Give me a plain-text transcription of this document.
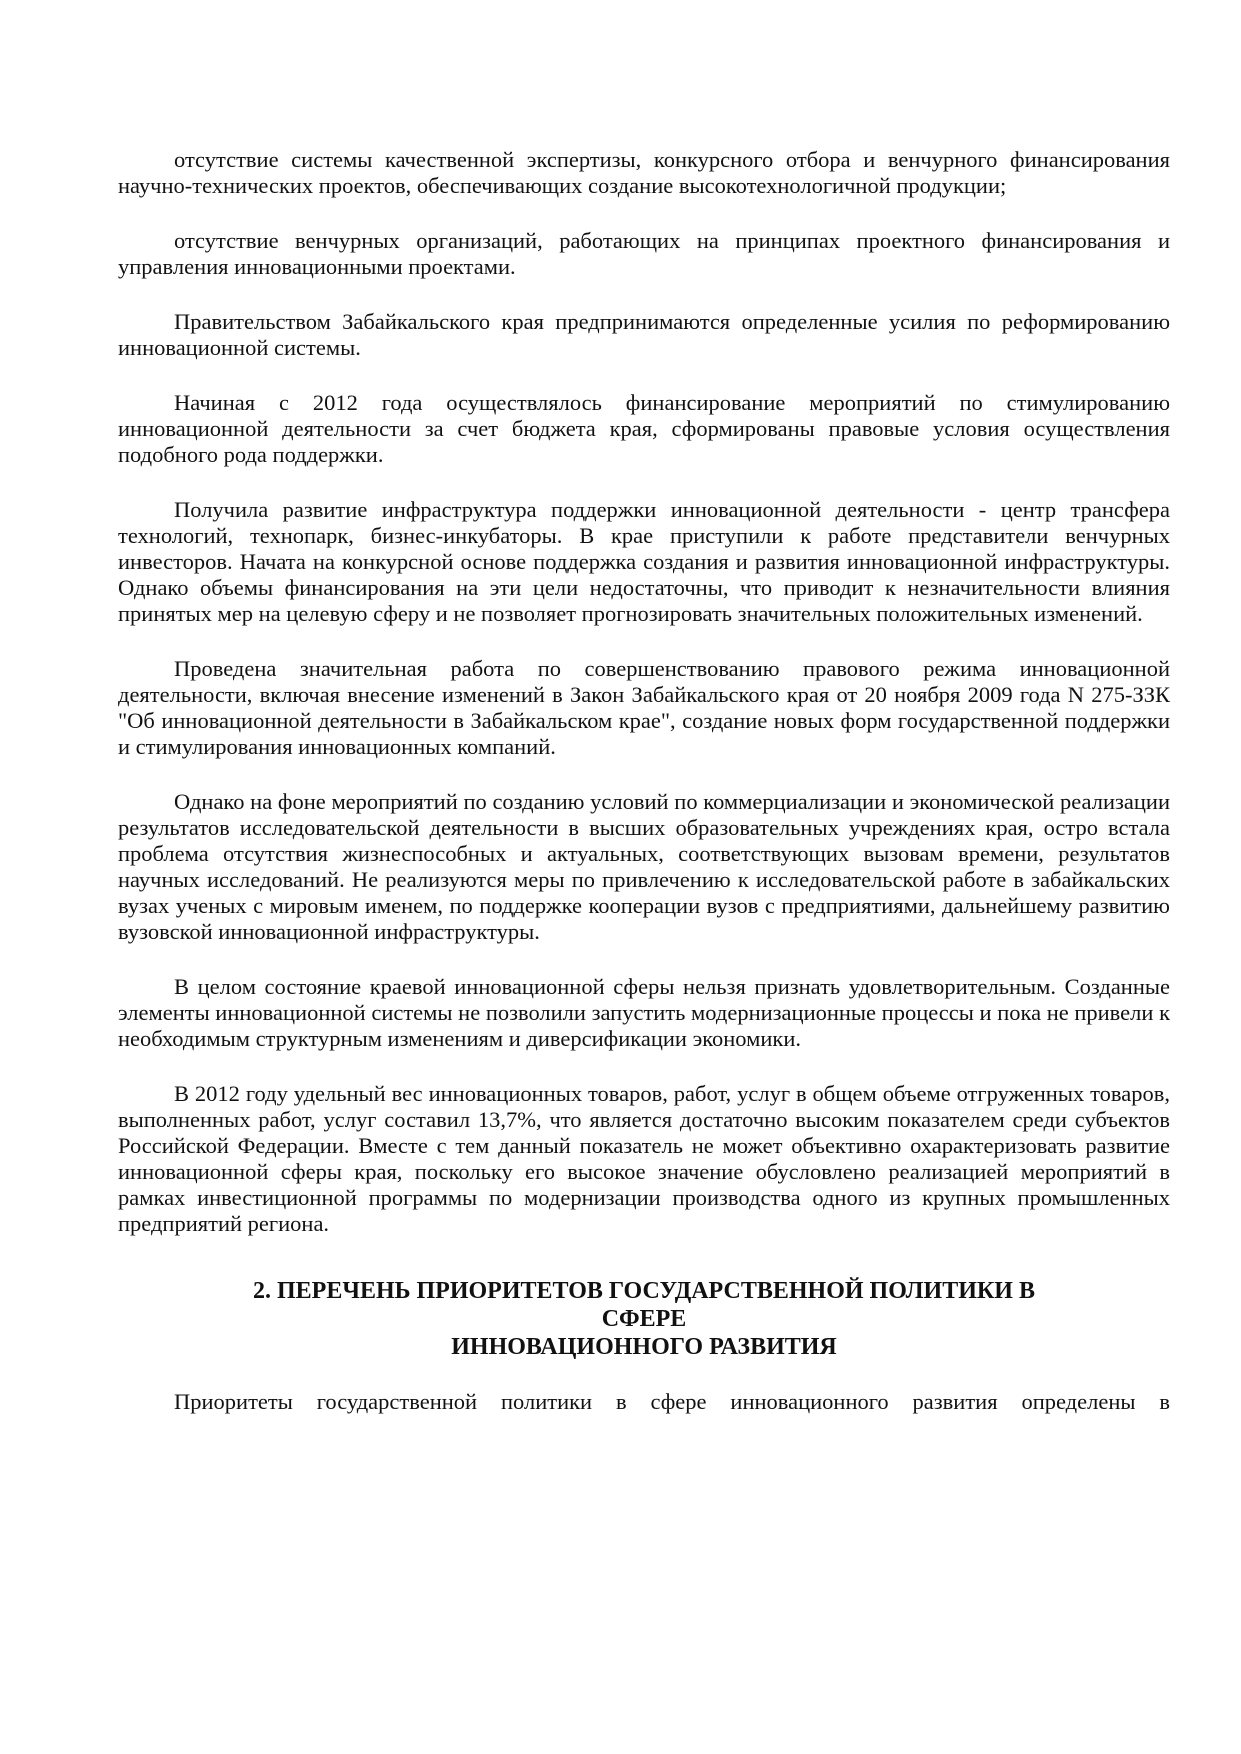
отсутствие системы качественной экспертизы, конкурсного отбора и венчурного финансирования научно-технических проектов, обеспечивающих создание высокотехнологичной продукции;

отсутствие венчурных организаций, работающих на принципах проектного финансирования и управления инновационными проектами.

Правительством Забайкальского края предпринимаются определенные усилия по реформированию инновационной системы.

Начиная с 2012 года осуществлялось финансирование мероприятий по стимулированию инновационной деятельности за счет бюджета края, сформированы правовые условия осуществления подобного рода поддержки.

Получила развитие инфраструктура поддержки инновационной деятельности - центр трансфера технологий, технопарк, бизнес-инкубаторы. В крае приступили к работе представители венчурных инвесторов. Начата на конкурсной основе поддержка создания и развития инновационной инфраструктуры. Однако объемы финансирования на эти цели недостаточны, что приводит к незначительности влияния принятых мер на целевую сферу и не позволяет прогнозировать значительных положительных изменений.

Проведена значительная работа по совершенствованию правового режима инновационной деятельности, включая внесение изменений в Закон Забайкальского края от 20 ноября 2009 года N 275-ЗЗК "Об инновационной деятельности в Забайкальском крае", создание новых форм государственной поддержки и стимулирования инновационных компаний.

Однако на фоне мероприятий по созданию условий по коммерциализации и экономической реализации результатов исследовательской деятельности в высших образовательных учреждениях края, остро встала проблема отсутствия жизнеспособных и актуальных, соответствующих вызовам времени, результатов научных исследований. Не реализуются меры по привлечению к исследовательской работе в забайкальских вузах ученых с мировым именем, по поддержке кооперации вузов с предприятиями, дальнейшему развитию вузовской инновационной инфраструктуры.

В целом состояние краевой инновационной сферы нельзя признать удовлетворительным. Созданные элементы инновационной системы не позволили запустить модернизационные процессы и пока не привели к необходимым структурным изменениям и диверсификации экономики.

В 2012 году удельный вес инновационных товаров, работ, услуг в общем объеме отгруженных товаров, выполненных работ, услуг составил 13,7%, что является достаточно высоким показателем среди субъектов Российской Федерации. Вместе с тем данный показатель не может объективно охарактеризовать развитие инновационной сферы края, поскольку его высокое значение обусловлено реализацией мероприятий в рамках инвестиционной программы по модернизации производства одного из крупных промышленных предприятий региона.

2. ПЕРЕЧЕНЬ ПРИОРИТЕТОВ ГОСУДАРСТВЕННОЙ ПОЛИТИКИ В
СФЕРЕ
ИННОВАЦИОННОГО РАЗВИТИЯ

Приоритеты государственной политики в сфере инновационного развития определены в
